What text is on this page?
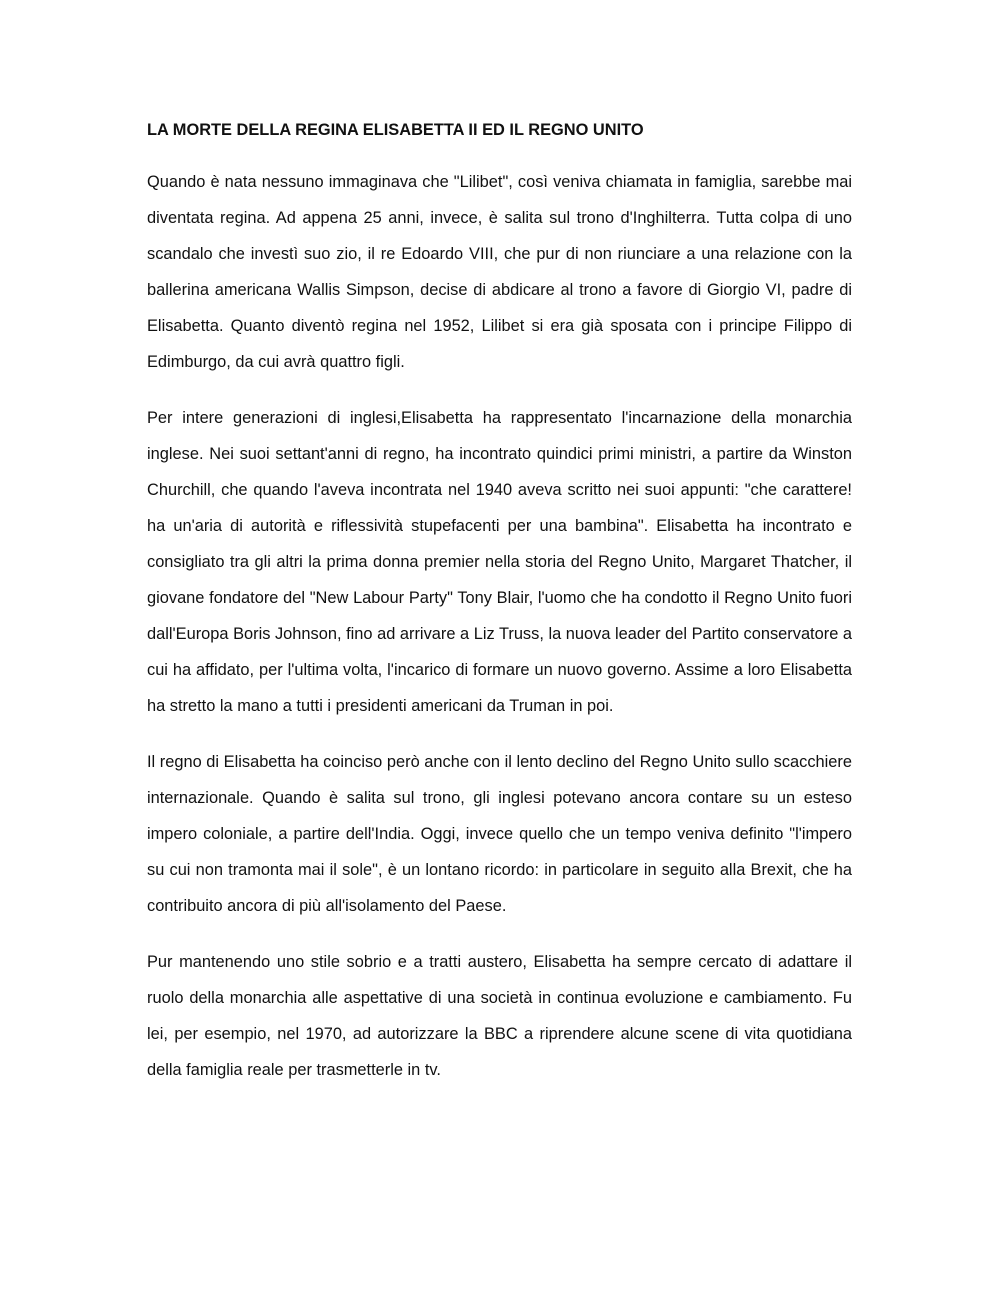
LA MORTE DELLA REGINA ELISABETTA II ED IL REGNO UNITO

Quando è nata nessuno immaginava che "Lilibet", così veniva chiamata in famiglia, sarebbe mai diventata regina. Ad appena 25 anni, invece, è salita sul trono d'Inghilterra. Tutta colpa di uno scandalo che investì suo zio, il re Edoardo VIII, che pur di non riunciare a una relazione con la ballerina americana Wallis Simpson, decise di abdicare al trono a favore di Giorgio VI, padre di Elisabetta. Quanto diventò regina nel 1952, Lilibet si era già sposata con i principe Filippo di Edimburgo, da cui avrà quattro figli.

Per intere generazioni di inglesi,Elisabetta ha rappresentato l'incarnazione della monarchia inglese. Nei suoi settant'anni di regno, ha incontrato quindici primi ministri, a partire da Winston Churchill, che quando l'aveva incontrata nel 1940 aveva scritto nei suoi appunti: "che carattere! ha un'aria di autorità e riflessività stupefacenti per una bambina". Elisabetta ha incontrato e consigliato tra gli altri la prima donna premier nella storia del Regno Unito, Margaret Thatcher, il giovane fondatore del "New Labour Party" Tony Blair, l'uomo che ha condotto il Regno Unito fuori dall'Europa Boris Johnson, fino ad arrivare a Liz Truss, la nuova leader del Partito conservatore a cui ha affidato, per l'ultima volta, l'incarico di formare un nuovo governo. Assime a loro Elisabetta ha stretto la mano a tutti i presidenti americani da Truman in poi.

Il regno di Elisabetta ha coinciso però anche con il lento declino del Regno Unito sullo scacchiere internazionale. Quando è salita sul trono, gli inglesi potevano ancora contare su un esteso impero coloniale, a partire dell'India. Oggi, invece quello che un tempo veniva definito "l'impero su cui non tramonta mai il sole", è un lontano ricordo: in particolare in seguito alla Brexit, che ha contribuito ancora di più all'isolamento del Paese.

Pur mantenendo uno stile sobrio e a tratti austero, Elisabetta ha sempre cercato di adattare il ruolo della monarchia alle aspettative di una società in continua evoluzione e cambiamento. Fu lei, per esempio, nel 1970, ad autorizzare la BBC a riprendere alcune scene di vita quotidiana della famiglia reale per trasmetterle in tv.
